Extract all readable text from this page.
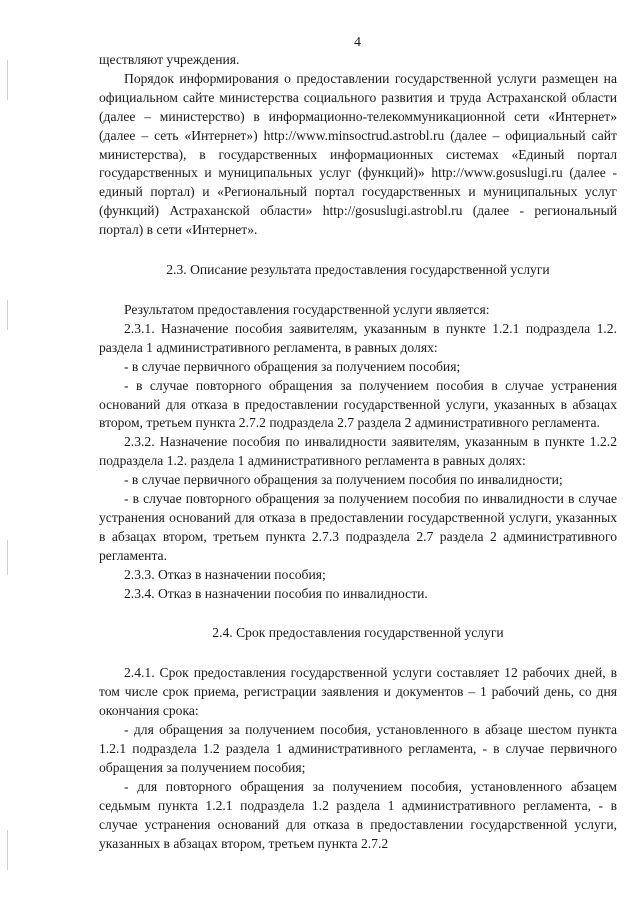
4

ществляют учреждения.

Порядок информирования о предоставлении государственной услуги размещен на официальном сайте министерства социального развития и труда Астраханской области (далее – министерство) в информационно-телекоммуникационной сети «Интернет» (далее – сеть «Интернет») http://www.minsoctrud.astrobl.ru (далее – официальный сайт министерства), в государственных информационных системах «Единый портал государственных и муниципальных услуг (функций)» http://www.gosuslugi.ru (далее - единый портал) и «Региональный портал государственных и муниципальных услуг (функций) Астраханской области» http://gosuslugi.astrobl.ru (далее - региональный портал) в сети «Интернет».

2.3. Описание результата предоставления государственной услуги

Результатом предоставления государственной услуги является:

2.3.1. Назначение пособия заявителям, указанным в пункте 1.2.1 подраздела 1.2. раздела 1 административного регламента, в равных долях:

- в случае первичного обращения за получением пособия;

- в случае повторного обращения за получением пособия в случае устранения оснований для отказа в предоставлении государственной услуги, указанных в абзацах втором, третьем пункта 2.7.2 подраздела 2.7 раздела 2 административного регламента.

2.3.2. Назначение пособия по инвалидности заявителям, указанным в пункте 1.2.2 подраздела 1.2. раздела 1 административного регламента в равных долях:

- в случае первичного обращения за получением пособия по инвалидности;

- в случае повторного обращения за получением пособия по инвалидности в случае устранения оснований для отказа в предоставлении государственной услуги, указанных в абзацах втором, третьем пункта 2.7.3 подраздела 2.7 раздела 2 административного регламента.

2.3.3. Отказ в назначении пособия;

2.3.4. Отказ в назначении пособия по инвалидности.

2.4. Срок предоставления государственной услуги

2.4.1. Срок предоставления государственной услуги составляет 12 рабочих дней, в том числе срок приема, регистрации заявления и документов – 1 рабочий день, со дня окончания срока:

- для обращения за получением пособия, установленного в абзаце шестом пункта 1.2.1 подраздела 1.2 раздела 1 административного регламента, - в случае первичного обращения за получением пособия;

- для повторного обращения за получением пособия, установленного абзацем седьмым пункта 1.2.1 подраздела 1.2 раздела 1 административного регламента, - в случае устранения оснований для отказа в предоставлении государственной услуги, указанных в абзацах втором, третьем пункта 2.7.2
